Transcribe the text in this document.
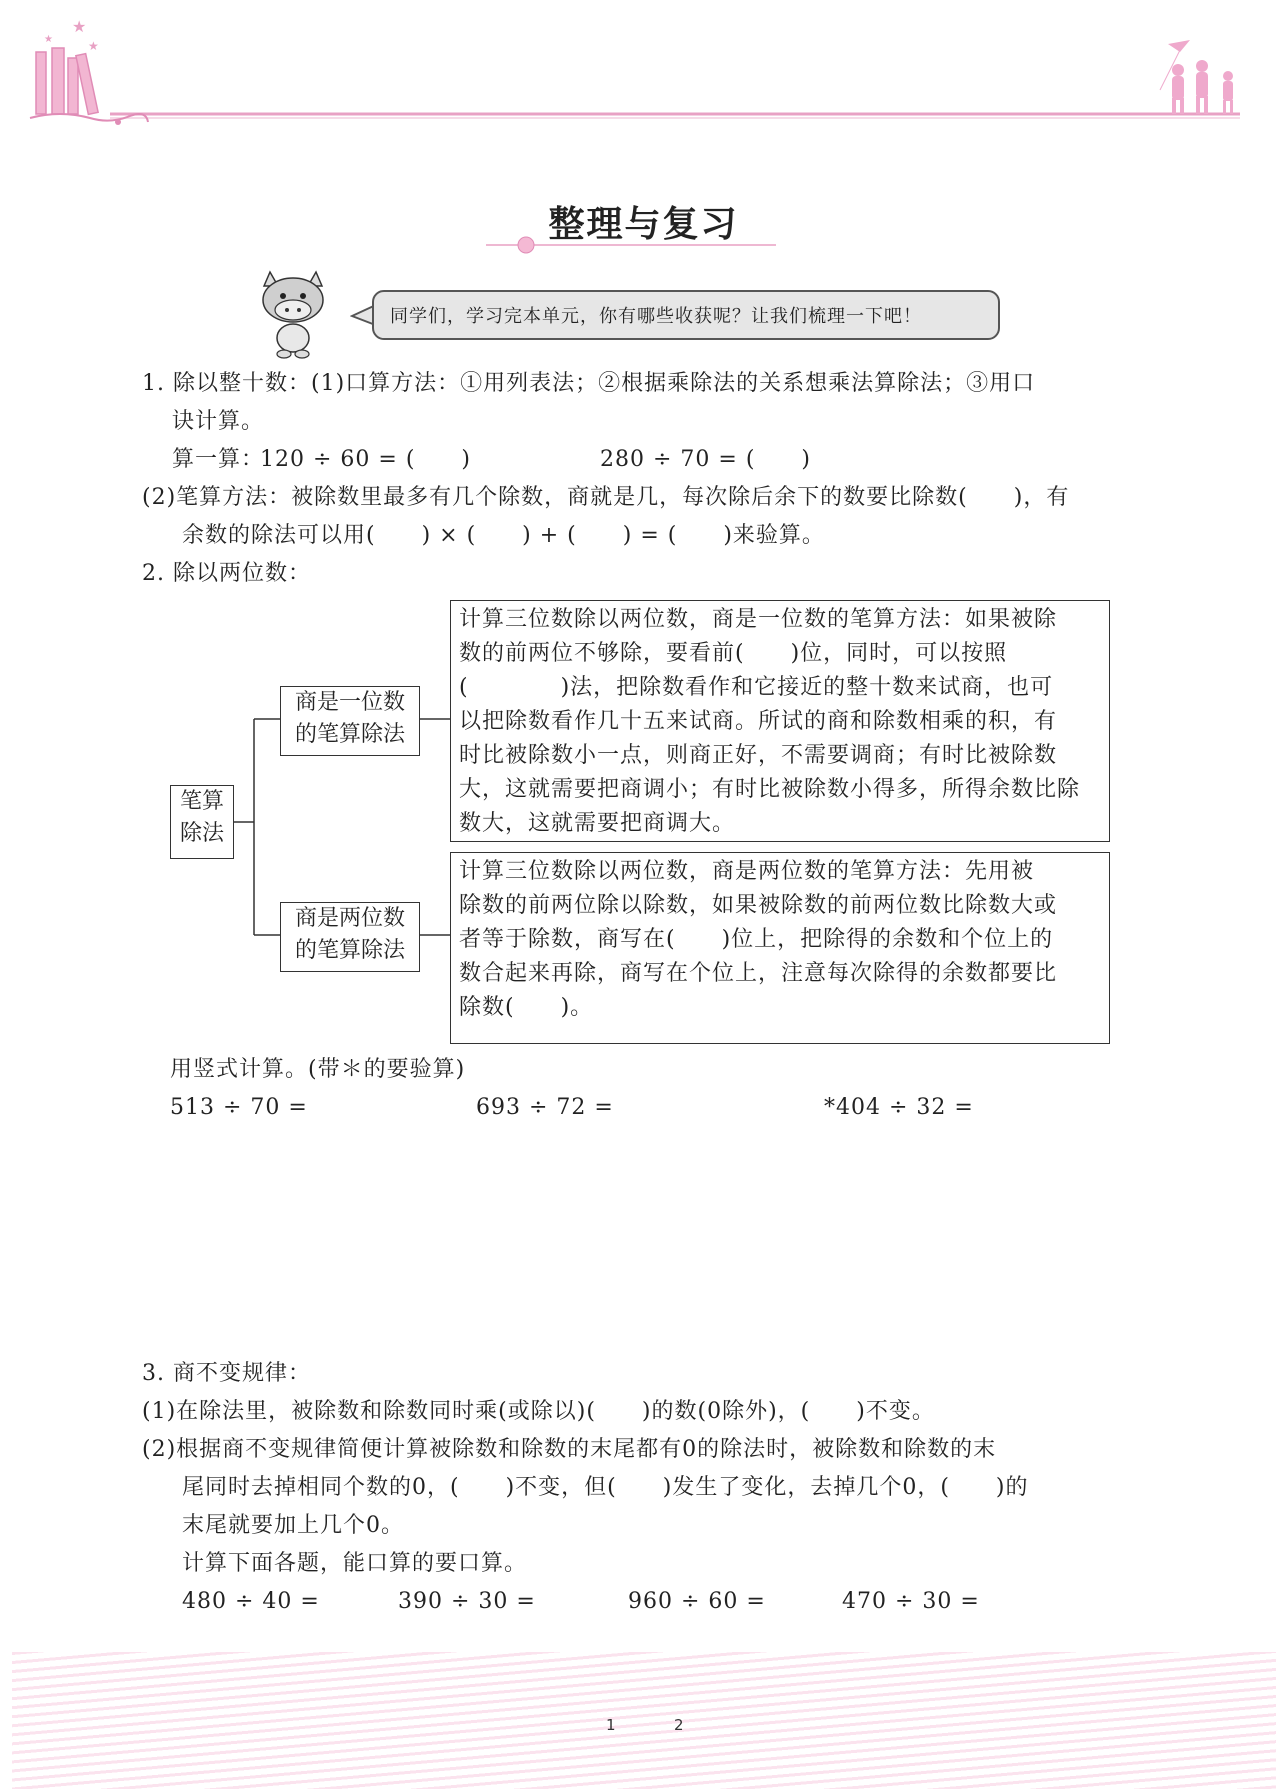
★
★
★
整理与复习
同学们，学习完本单元，你有哪些收获呢？让我们梳理一下吧！
1. 除以整十数：(1)口算方法：①用列表法；②根据乘除法的关系想乘法算除法；③用口
诀计算。
算一算：
120 ÷ 60 = (　　)	280 ÷ 70 = (　　)
(2)笔算方法：被除数里最多有几个除数，商就是几，每次除后余下的数要比除数(　　)，有
余数的除法可以用(　　) × (　　) + (　　) = (　　)来验算。
2. 除以两位数：
笔算
除法
商是一位数
的笔算除法
商是两位数
的笔算除法
计算三位数除以两位数，商是一位数的笔算方法：如果被除
数的前两位不够除，要看前(　　)位，同时，可以按照
(　　　　)法，把除数看作和它接近的整十数来试商，也可
以把除数看作几十五来试商。所试的商和除数相乘的积，有
时比被除数小一点，则商正好，不需要调商；有时比被除数
大，这就需要把商调小；有时比被除数小得多，所得余数比除
数大，这就需要把商调大。
计算三位数除以两位数，商是两位数的笔算方法：先用被
除数的前两位除以除数，如果被除数的前两位数比除数大或
者等于除数，商写在(　　)位上，把除得的余数和个位上的
数合起来再除，商写在个位上，注意每次除得的余数都要比
除数(　　)。
用竖式计算。(带＊的要验算)
513 ÷ 70 =	693 ÷ 72 =	*404 ÷ 32 =
3. 商不变规律：
(1)在除法里，被除数和除数同时乘(或除以)(　　)的数(0除外)，(　　)不变。
(2)根据商不变规律简便计算被除数和除数的末尾都有0的除法时，被除数和除数的末
尾同时去掉相同个数的0，(　　)不变，但(　　)发生了变化，去掉几个0，(　　)的
末尾就要加上几个0。
计算下面各题，能口算的要口算。
480 ÷ 40 =	390 ÷ 30 =	960 ÷ 60 =	470 ÷ 30 =
1	2
